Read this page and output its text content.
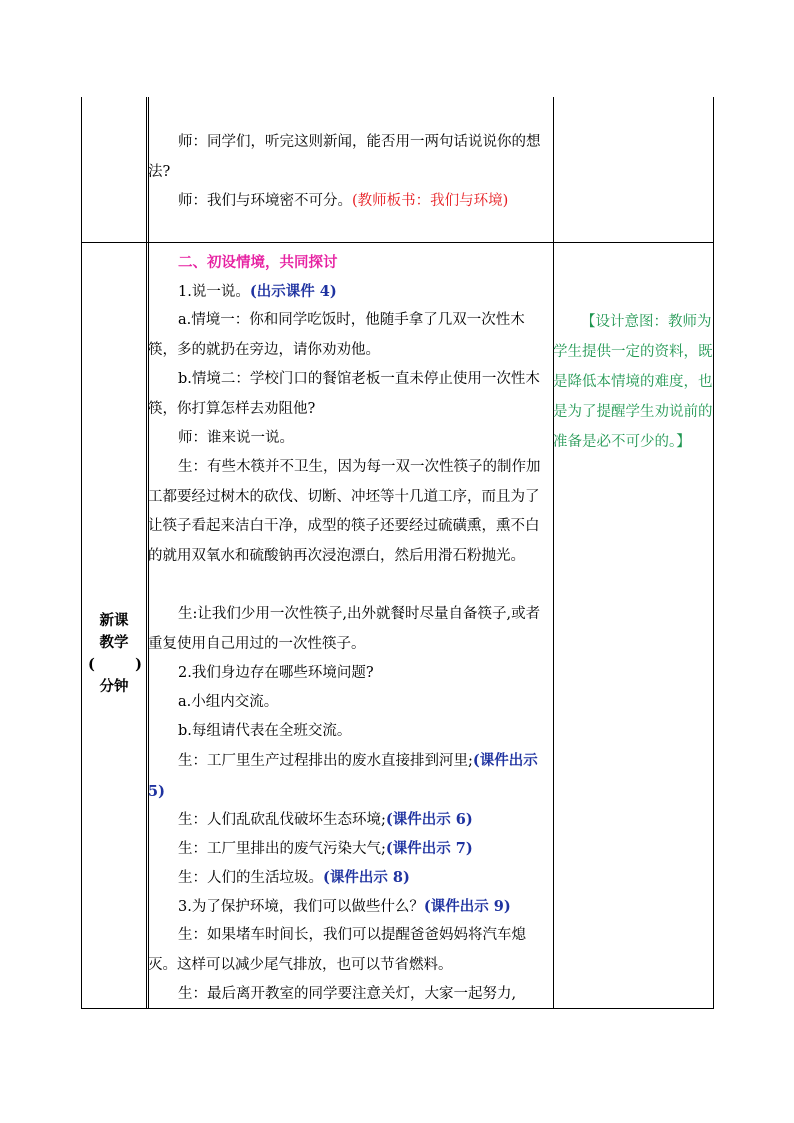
师：同学们，听完这则新闻，能否用一两句话说说你的想法?
师：我们与环境密不可分。(教师板书：我们与环境)
新课
教学
(	)
分钟
二、初设情境，共同探讨
1.说一说。(出示课件 4)
a.情境一：你和同学吃饭时，他随手拿了几双一次性木筷，多的就扔在旁边，请你劝劝他。
b.情境二：学校门口的餐馆老板一直未停止使用一次性木筷，你打算怎样去劝阻他?
师：谁来说一说。
生：有些木筷并不卫生，因为每一双一次性筷子的制作加工都要经过树木的砍伐、切断、冲坯等十几道工序，而且为了让筷子看起来洁白干净，成型的筷子还要经过硫磺熏，熏不白的就用双氧水和硫酸钠再次浸泡漂白，然后用滑石粉抛光。
生:让我们少用一次性筷子,出外就餐时尽量自备筷子,或者重复使用自己用过的一次性筷子。
2.我们身边存在哪些环境问题?
a.小组内交流。
b.每组请代表在全班交流。
生：工厂里生产过程排出的废水直接排到河里;(课件出示 5)
生：人们乱砍乱伐破坏生态环境;(课件出示 6)
生：工厂里排出的废气污染大气;(课件出示 7)
生：人们的生活垃圾。(课件出示 8)
3.为了保护环境，我们可以做些什么？(课件出示 9)
生：如果堵车时间长，我们可以提醒爸爸妈妈将汽车熄灭。这样可以减少尾气排放，也可以节省燃料。
生：最后离开教室的同学要注意关灯，大家一起努力,
【设计意图：教师为学生提供一定的资料，既是降低本情境的难度，也是为了提醒学生劝说前的准备是必不可少的。】
